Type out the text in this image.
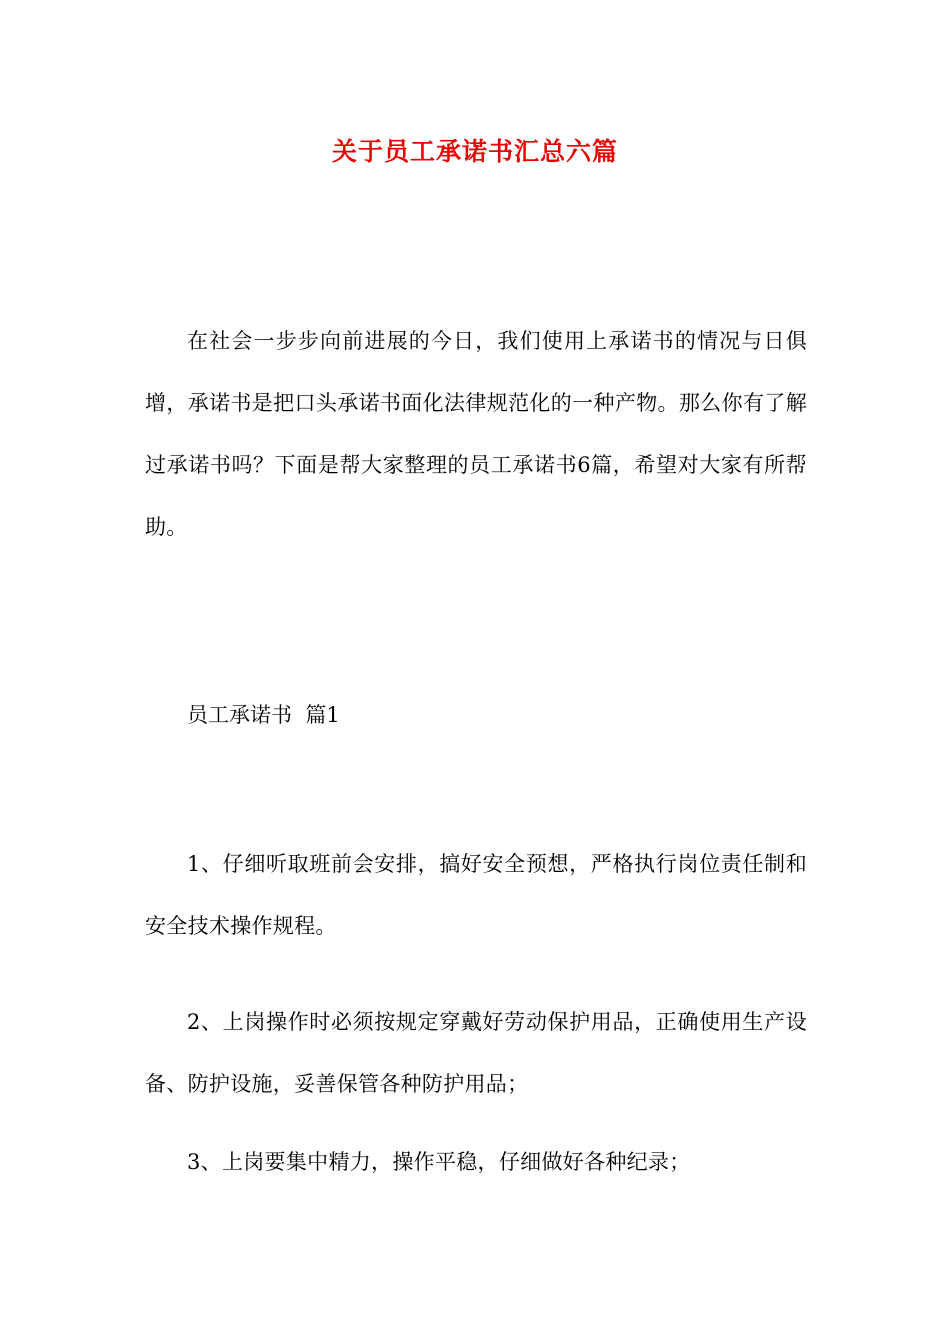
关于员工承诺书汇总六篇

在社会一步步向前进展的今日，我们使用上承诺书的情况与日俱增，承诺书是把口头承诺书面化法律规范化的一种产物。那么你有了解过承诺书吗？下面是帮大家整理的员工承诺书6篇，希望对大家有所帮助。

员工承诺书  篇1

1、仔细听取班前会安排，搞好安全预想，严格执行岗位责任制和安全技术操作规程。

2、上岗操作时必须按规定穿戴好劳动保护用品，正确使用生产设备、防护设施，妥善保管各种防护用品；

3、上岗要集中精力，操作平稳，仔细做好各种纪录；
